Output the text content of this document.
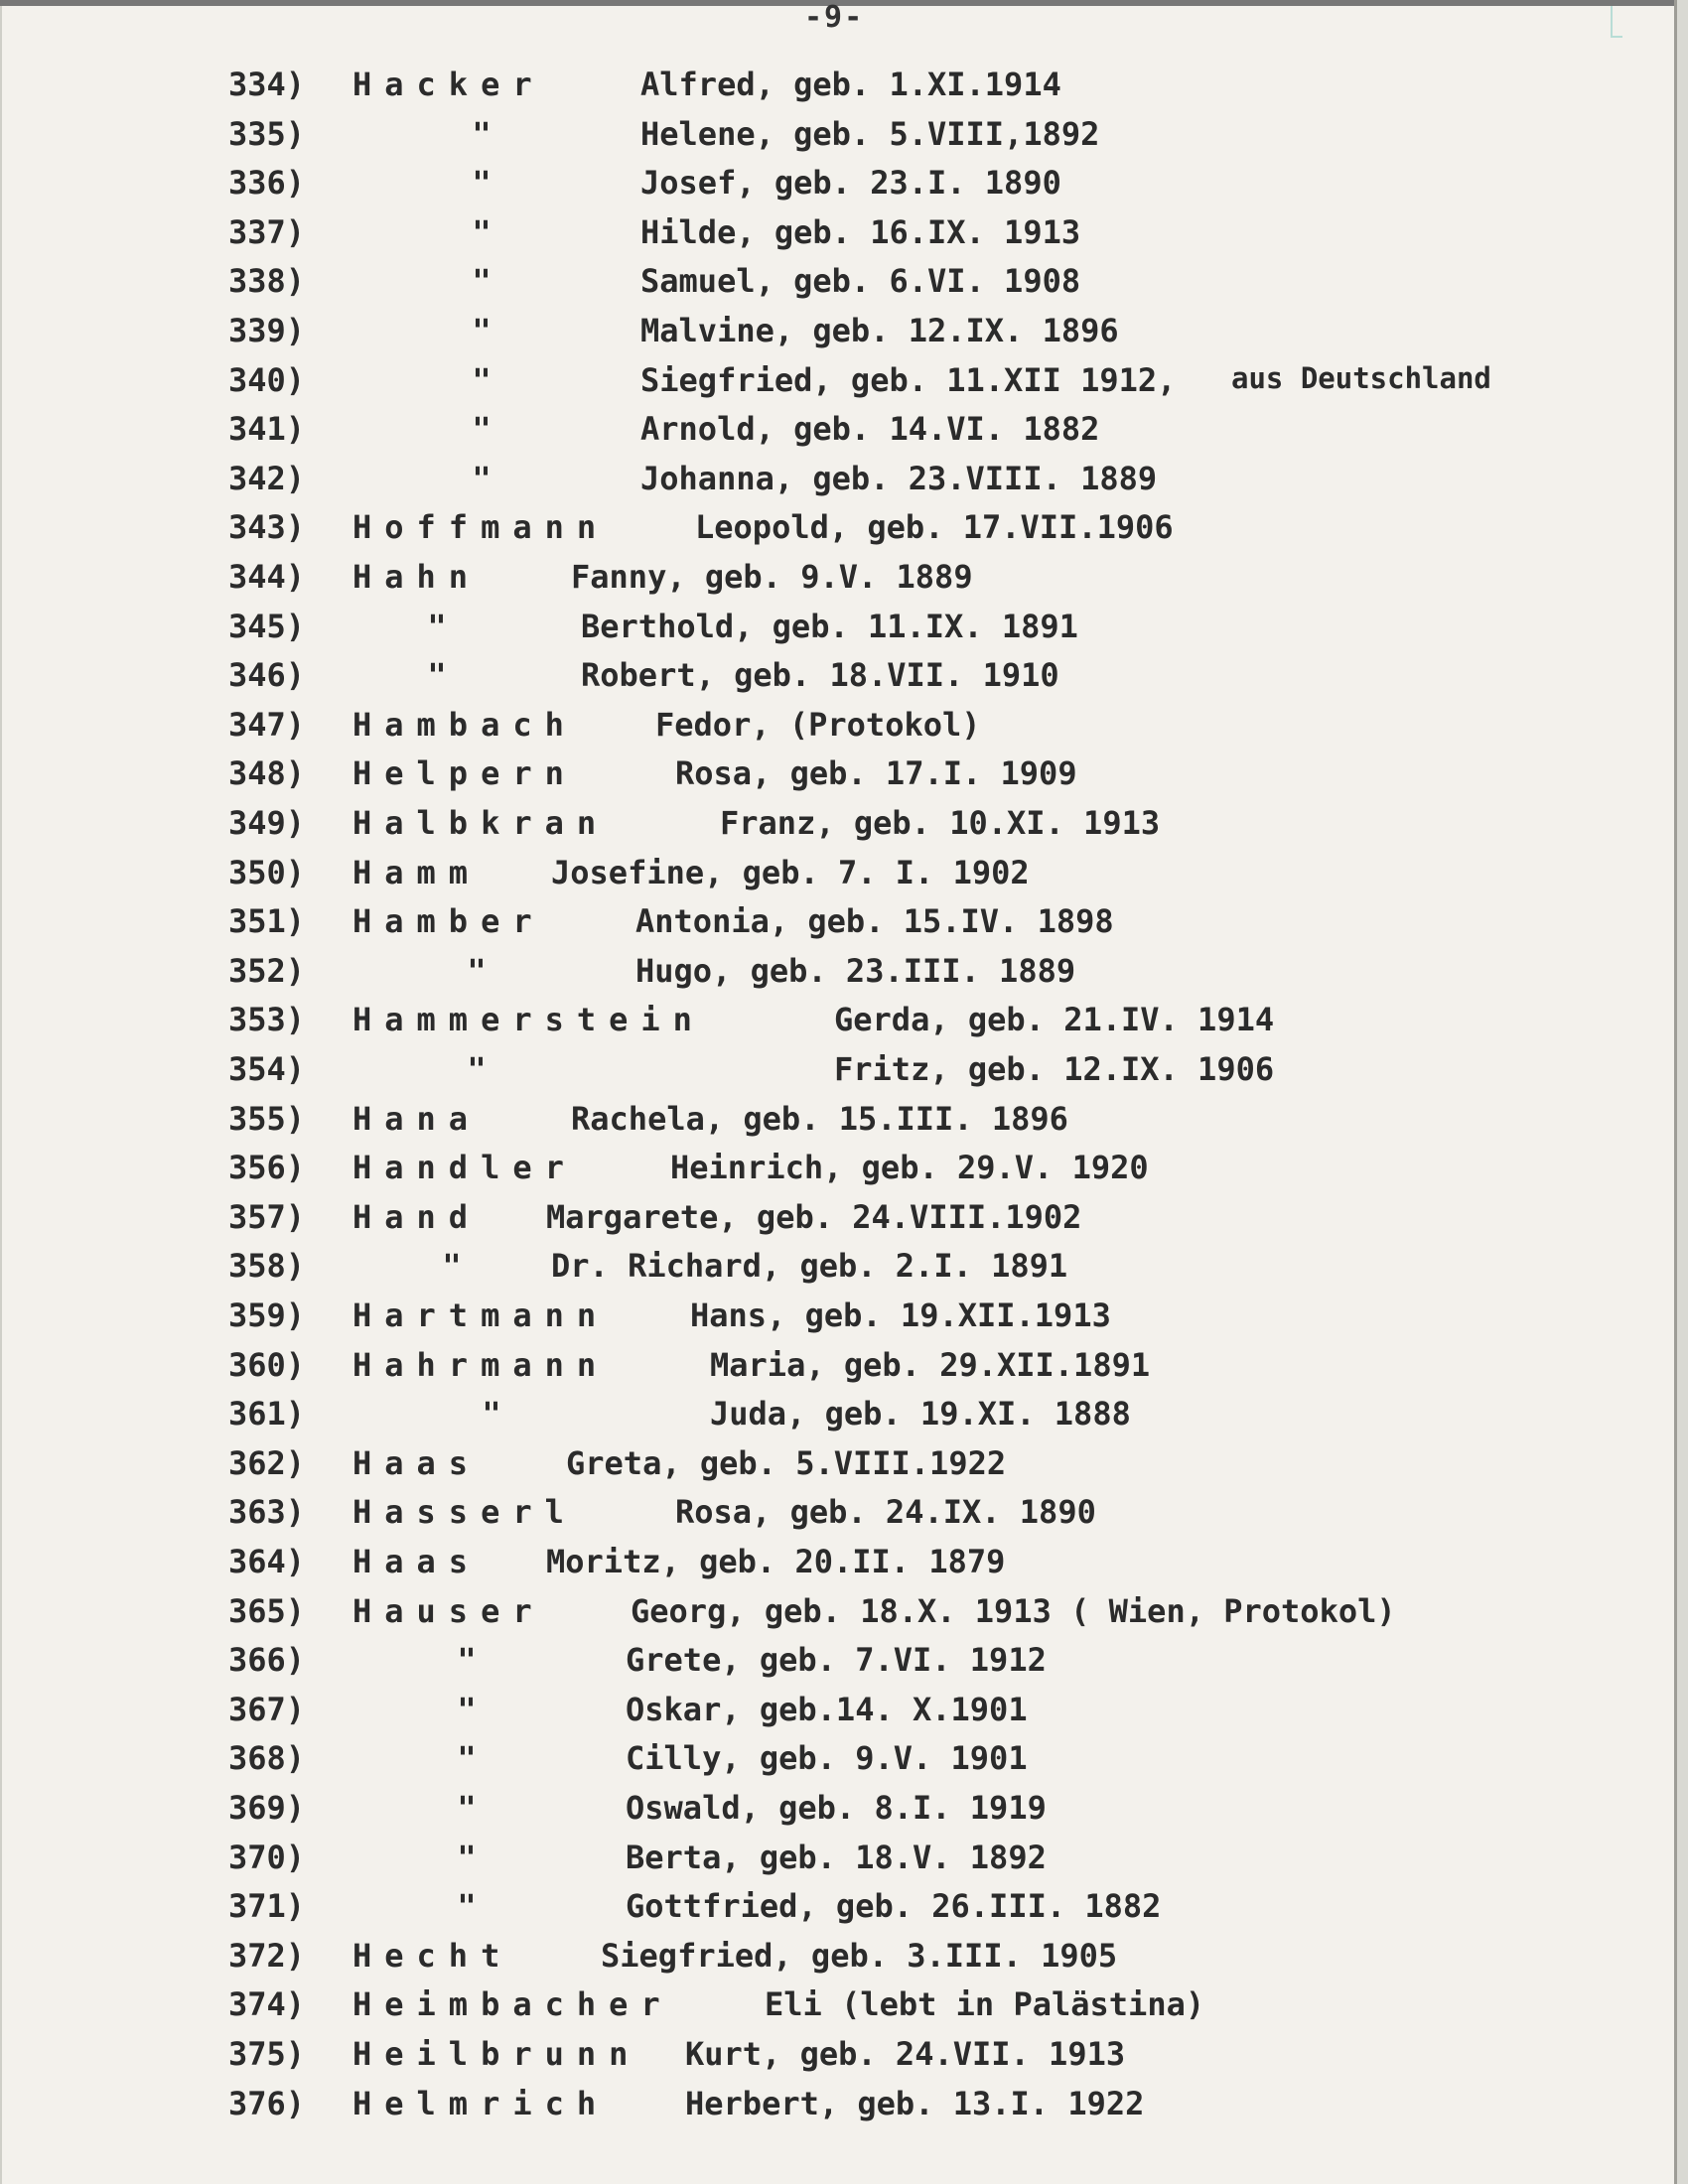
-9-
334) Hacker	Alfred, geb. 1.XI.1914
335)	"	Helene, geb. 5.VIII,1892
336)	"	Josef, geb. 23.I. 1890
337)	"	Hilde, geb. 16.IX. 1913
338)	"	Samuel, geb. 6.VI. 1908
339)	"	Malvine, geb. 12.IX. 1896
340)	"	Siegfried, geb. 11.XII 1912, aus Deutschland
341)	"	Arnold, geb. 14.VI. 1882
342)	"	Johanna, geb. 23.VIII. 1889
343) Hoffmann	Leopold, geb. 17.VII.1906
344) Hahn	Fanny, geb. 9.V. 1889
345)	"	Berthold, geb. 11.IX. 1891
346)	"	Robert, geb. 18.VII. 1910
347) Hambach Fedor, (Protokol)
348) Helpern	Rosa, geb. 17.I. 1909
349) Halbkran	Franz, geb. 10.XI. 1913
350) Hamm Josefine, geb. 7. I. 1902
351) Hamber	Antonia, geb. 15.IV. 1898
352)	"	Hugo, geb. 23.III. 1889
353) Hammerstein	Gerda, geb. 21.IV. 1914
354)	"	Fritz, geb. 12.IX. 1906
355) Hana	Rachela, geb. 15.III. 1896
356) Handler	Heinrich, geb. 29.V. 1920
357) Hand Margarete, geb. 24.VIII.1902
358)	"	Dr. Richard, geb. 2.I. 1891
359) Hartmann	Hans, geb. 19.XII.1913
360) Hahrmann	Maria, geb. 29.XII.1891
361)	"	Juda, geb. 19.XI. 1888
362) Haas	Greta, geb. 5.VIII.1922
363) Hasserl	Rosa, geb. 24.IX. 1890
364) Haas Moritz, geb. 20.II. 1879
365) Hauser	Georg, geb. 18.X. 1913 ( Wien, Protokol)
366)	"	Grete, geb. 7.VI. 1912
367)	"	Oskar, geb.14. X.1901
368)	"	Cilly, geb. 9.V. 1901
369)	"	Oswald, geb. 8.I. 1919
370)	"	Berta, geb. 18.V. 1892
371)	"	Gottfried, geb. 26.III. 1882
372) Hecht	Siegfried, geb. 3.III. 1905
374) Heimbacher	Eli (lebt in Palästina)
375) Heilbrunn Kurt, geb. 24.VII. 1913
376) Helmrich Herbert, geb. 13.I. 1922
